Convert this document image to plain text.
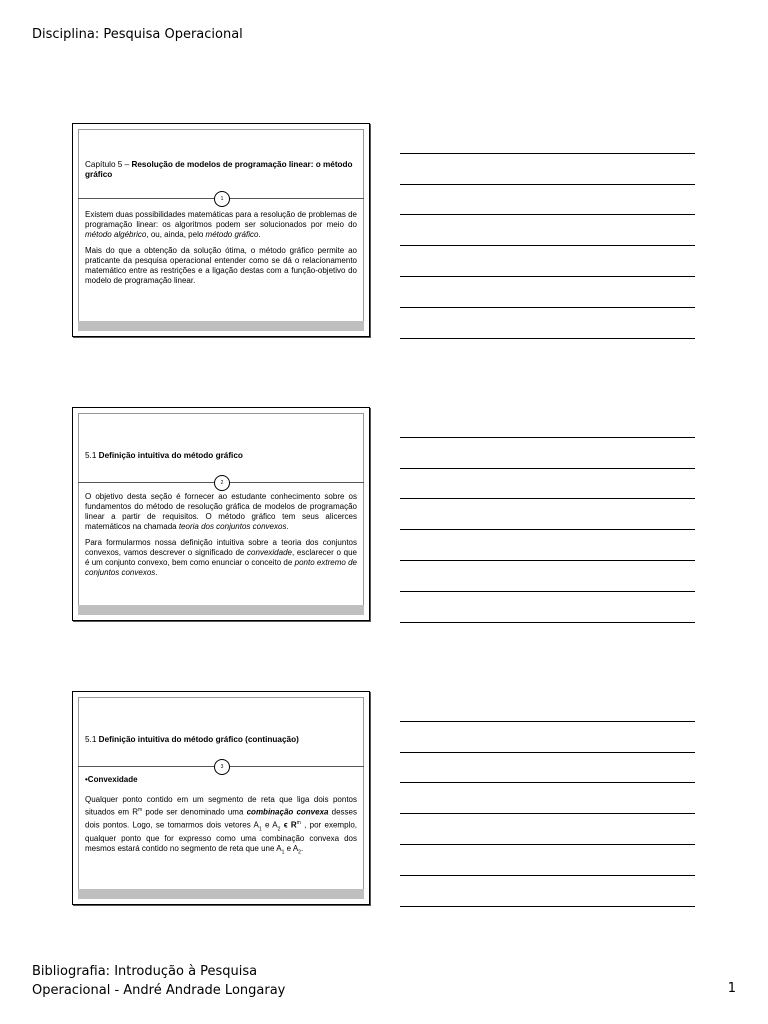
Disciplina: Pesquisa Operacional
Capítulo 5 – Resolução de modelos de programação linear: o método gráfico
1

Existem duas possibilidades matemáticas para a resolução de problemas de programação linear: os algoritmos podem ser solucionados por meio do método algébrico, ou, ainda, pelo método gráfico.

Mais do que a obtenção da solução ótima, o método gráfico permite ao praticante da pesquisa operacional entender como se dá o relacionamento matemático entre as restrições e a ligação destas com a função-objetivo do modelo de programação linear.

5.1 Definição intuitiva do método gráfico
2

O objetivo desta seção é fornecer ao estudante conhecimento sobre os fundamentos do método de resolução gráfica de modelos de programação linear a partir de requisitos. O método gráfico tem seus alicerces matemáticos na chamada teoria dos conjuntos convexos.

Para formularmos nossa definição intuitiva sobre a teoria dos conjuntos convexos, vamos descrever o significado de convexidade, esclarecer o que é um conjunto convexo, bem como enunciar o conceito de ponto extremo de conjuntos convexos.

5.1 Definição intuitiva do método gráfico (continuação)
3

•Convexidade

Qualquer ponto contido em um segmento de reta que liga dois pontos situados em $R^m$ pode ser denominado uma combinação convexa desses dois pontos. Logo, se tomarmos dois vetores $A_1$ e $A_2$ ϵ $R^m$ , por exemplo, qualquer ponto que for expresso como uma combinação convexa dos mesmos estará contido no segmento de reta que une $A_1$ e $A_2$.

Bibliografia: Introdução à Pesquisa
Operacional - André Andrade Longaray	1
